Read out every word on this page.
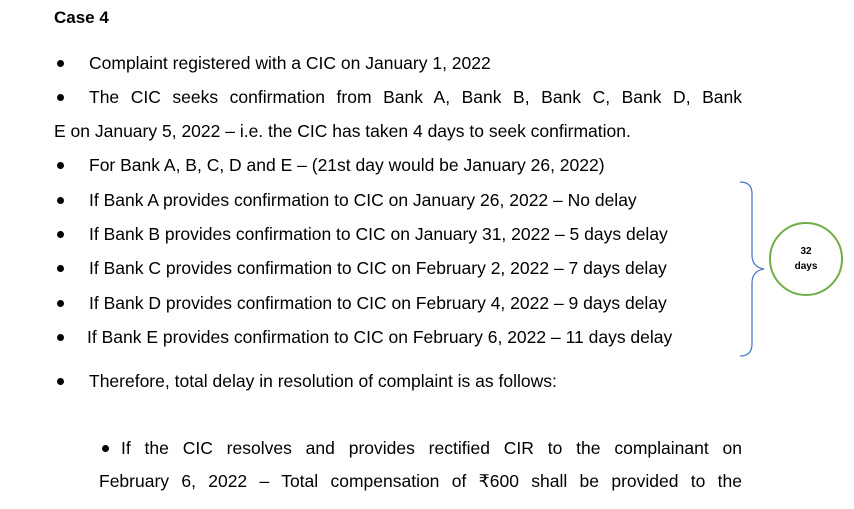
Case 4
Complaint registered with a CIC on January 1, 2022
The CIC seeks confirmation from Bank A, Bank B, Bank C, Bank D, Bank
E on January 5, 2022 – i.e. the CIC has taken 4 days to seek confirmation.
For Bank A, B, C, D and E – (21st day would be January 26, 2022)
If Bank A provides confirmation to CIC on January 26, 2022 – No delay
If Bank B provides confirmation to CIC on January 31, 2022 – 5 days delay
If Bank C provides confirmation to CIC on February 2, 2022 – 7 days delay
If Bank D provides confirmation to CIC on February 4, 2022 – 9 days delay
If Bank E provides confirmation to CIC on February 6, 2022 – 11 days delay
Therefore, total delay in resolution of complaint is as follows:
If the CIC resolves and provides rectified CIR to the complainant on
February 6, 2022 – Total compensation of ₹600 shall be provided to the
32
days
